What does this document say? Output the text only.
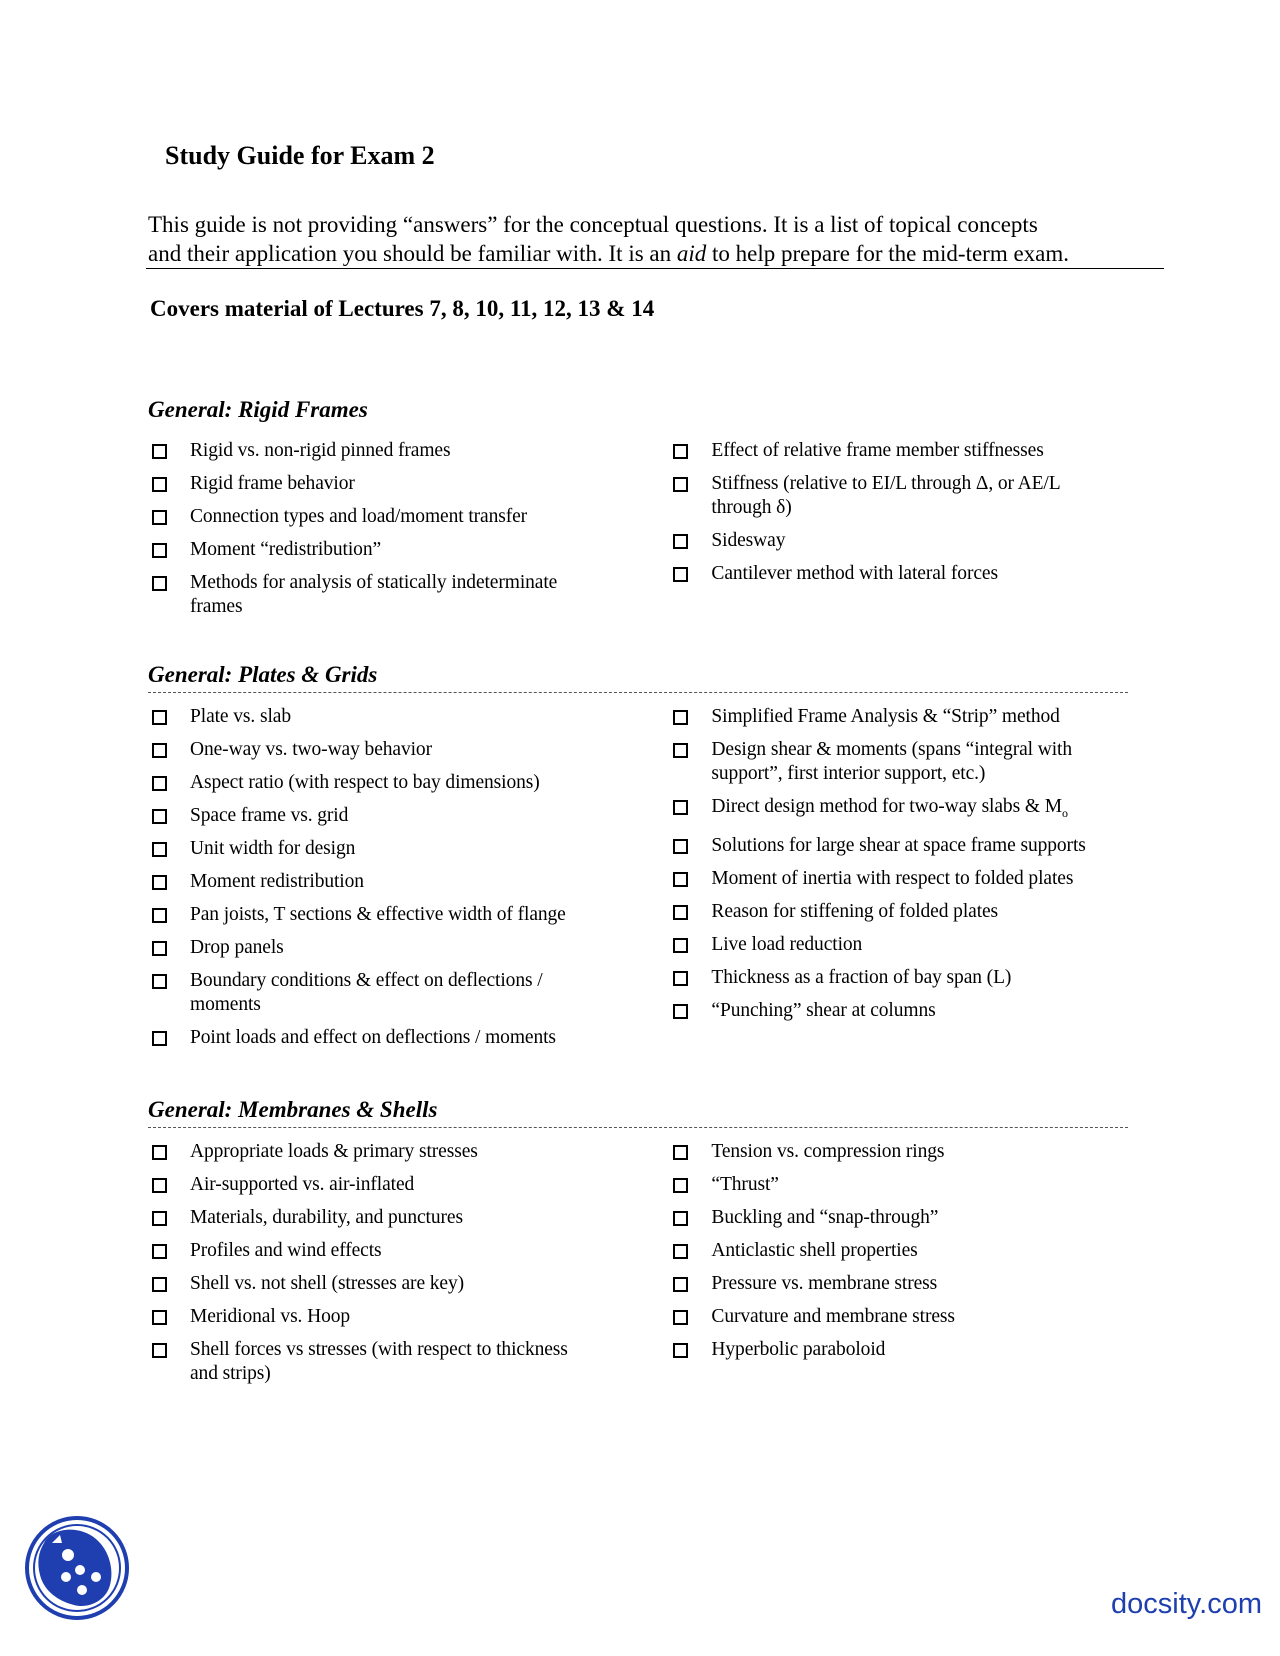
Study Guide for Exam 2

This guide is not providing “answers” for the conceptual questions. It is a list of topical concepts
and their application you should be familiar with. It is an aid to help prepare for the mid-term exam.

Covers material of Lectures 7, 8, 10, 11, 12, 13 & 14

General: Rigid Frames
Rigid vs. non-rigid pinned frames
Rigid frame behavior
Connection types and load/moment transfer
Moment “redistribution”
Methods for analysis of statically indeterminate frames
Effect of relative frame member stiffnesses
Stiffness (relative to EI/L through Δ, or AE/L through δ)
Sidesway
Cantilever method with lateral forces
General: Plates & Grids
Plate vs. slab
One-way vs. two-way behavior
Aspect ratio (with respect to bay dimensions)
Space frame vs. grid
Unit width for design
Moment redistribution
Pan joists, T sections & effective width of flange
Drop panels
Boundary conditions & effect on deflections / moments
Point loads and effect on deflections / moments
Simplified Frame Analysis & “Strip” method
Design shear & moments (spans “integral with support”, first interior support, etc.)
Direct design method for two-way slabs & $M_o$
Solutions for large shear at space frame supports
Moment of inertia with respect to folded plates
Reason for stiffening of folded plates
Live load reduction
Thickness as a fraction of bay span (L)
“Punching” shear at columns
General: Membranes & Shells
Appropriate loads & primary stresses
Air-supported vs. air-inflated
Materials, durability, and punctures
Profiles and wind effects
Shell vs. not shell (stresses are key)
Meridional vs. Hoop
Shell forces vs stresses (with respect to thickness and strips)
Tension vs. compression rings
“Thrust”
Buckling and “snap-through”
Anticlastic shell properties
Pressure vs. membrane stress
Curvature and membrane stress
Hyperbolic paraboloid
docsity.com
